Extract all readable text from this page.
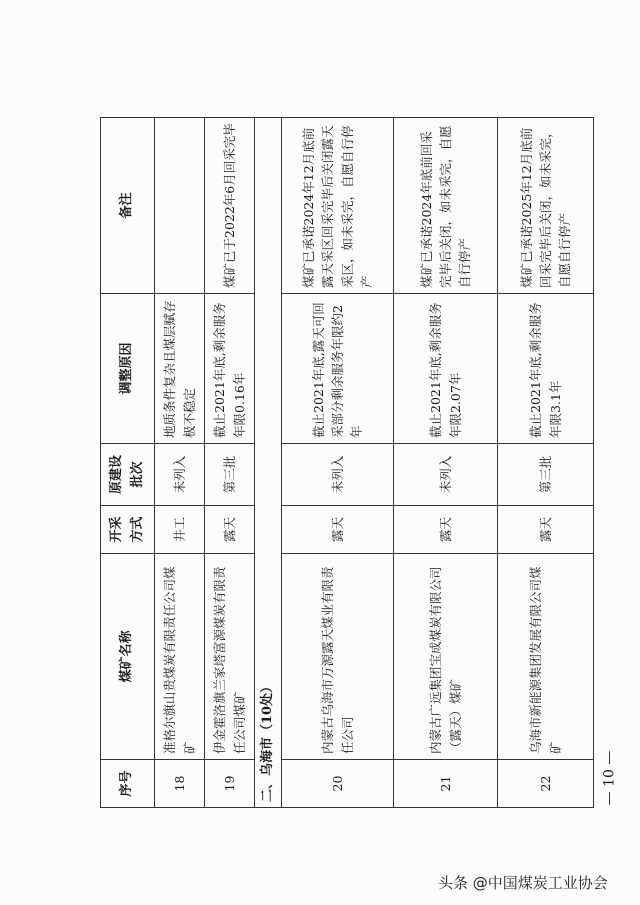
序号	煤矿名称	开采方式	原建设批次	调整原因	备注
18	准格尔旗山贵煤炭有限责任公司煤矿	井工	未列入	地质条件复杂且煤层赋存极不稳定	
19	伊金霍洛旗兰家塔富源煤炭有限责任公司煤矿	露天	第三批	截止2021年底,剩余服务年限0.16年	煤矿已于2022年6月回采完毕
二、乌海市（10处）					
20	内蒙古乌海市万源露天煤业有限责任公司	露天	未列入	截止2021年底,露天可回采部分剩余服务年限约2年	煤矿已承诺2024年12月底前露天采区回采完毕后关闭露天采区，如未采完，自愿自行停产
21	内蒙古广远集团宝成煤炭有限公司（露天）煤矿	露天	未列入	截止2021年底,剩余服务年限2.07年	煤矿已承诺2024年底前回采完毕后关闭，如未采完，自愿自行停产
22	乌海市新能源集团发展有限公司煤矿	露天	第三批	截止2021年底,剩余服务年限3.1年	煤矿已承诺2025年12月底前回采完毕后关闭，如未采完，自愿自行停产
— 10 —
头条 @中国煤炭工业协会
